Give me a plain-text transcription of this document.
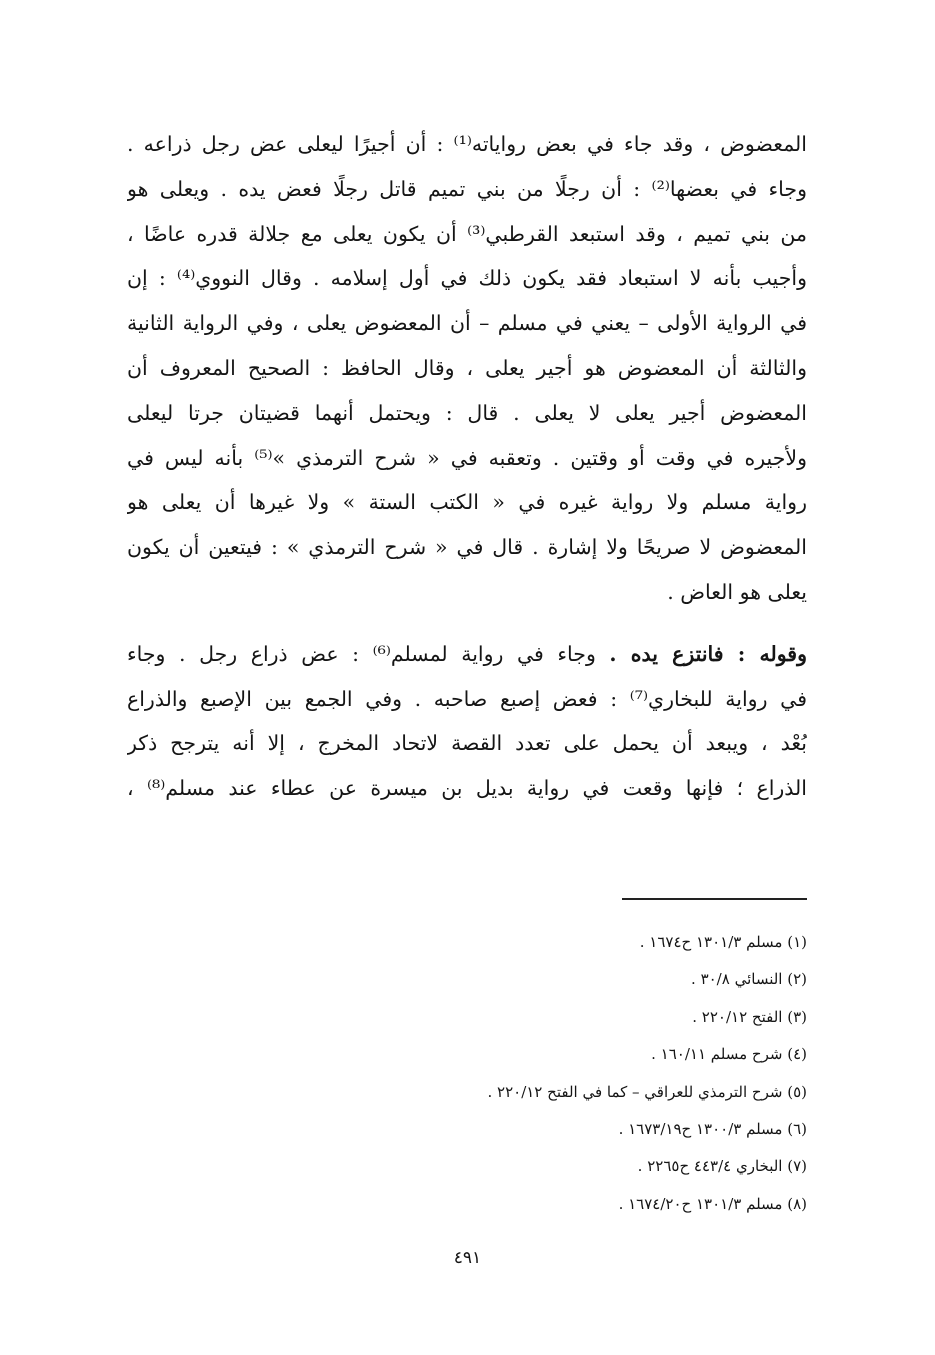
المعضوض ، وقد جاء في بعض رواياته⁽¹⁾ : أن أجيرًا ليعلى عض رجل ذراعه .
وجاء في بعضها⁽²⁾ : أن رجلًا من بني تميم قاتل رجلًا فعض يده . ويعلى هو
من بني تميم ، وقد استبعد القرطبي⁽³⁾ أن يكون يعلى مع جلالة قدره عاضًا ،
وأجيب بأنه لا استبعاد فقد يكون ذلك في أول إسلامه . وقال النووي⁽⁴⁾ : إن
في الرواية الأولى – يعني في مسلم – أن المعضوض يعلى ، وفي الرواية الثانية
والثالثة أن المعضوض هو أجير يعلى ، وقال الحافظ : الصحيح المعروف أن
المعضوض أجير يعلى لا يعلى . قال : ويحتمل أنهما قضيتان جرتا ليعلى
ولأجيره في وقت أو وقتين . وتعقبه في « شرح الترمذي »⁽⁵⁾ بأنه ليس في
رواية مسلم ولا رواية غيره في « الكتب الستة » ولا غيرها أن يعلى هو
المعضوض لا صريحًا ولا إشارة . قال في « شرح الترمذي » : فيتعين أن يكون
يعلى هو العاض .
وقوله : فانتزع يده . وجاء في رواية لمسلم⁽⁶⁾ : عض ذراع رجل . وجاء
في رواية للبخاري⁽⁷⁾ : فعض إصبع صاحبه . وفي الجمع بين الإصبع والذراع
بُعْد ، ويبعد أن يحمل على تعدد القصة لاتحاد المخرج ، إلا أنه يترجح ذكر
الذراع ؛ فإنها وقعت في رواية بديل بن ميسرة عن عطاء عند مسلم⁽⁸⁾ ،
(١) مسلم ١٣٠١/٣ ح١٦٧٤ .
(٢) النسائي ٣٠/٨ .
(٣) الفتح ٢٢٠/١٢ .
(٤) شرح مسلم ١٦٠/١١ .
(٥) شرح الترمذي للعراقي – كما في الفتح ٢٢٠/١٢ .
(٦) مسلم ١٣٠٠/٣ ح١٦٧٣/١٩ .
(٧) البخاري ٤٤٣/٤ ح٢٢٦٥ .
(٨) مسلم ١٣٠١/٣ ح١٦٧٤/٢٠ .
٤٩١
